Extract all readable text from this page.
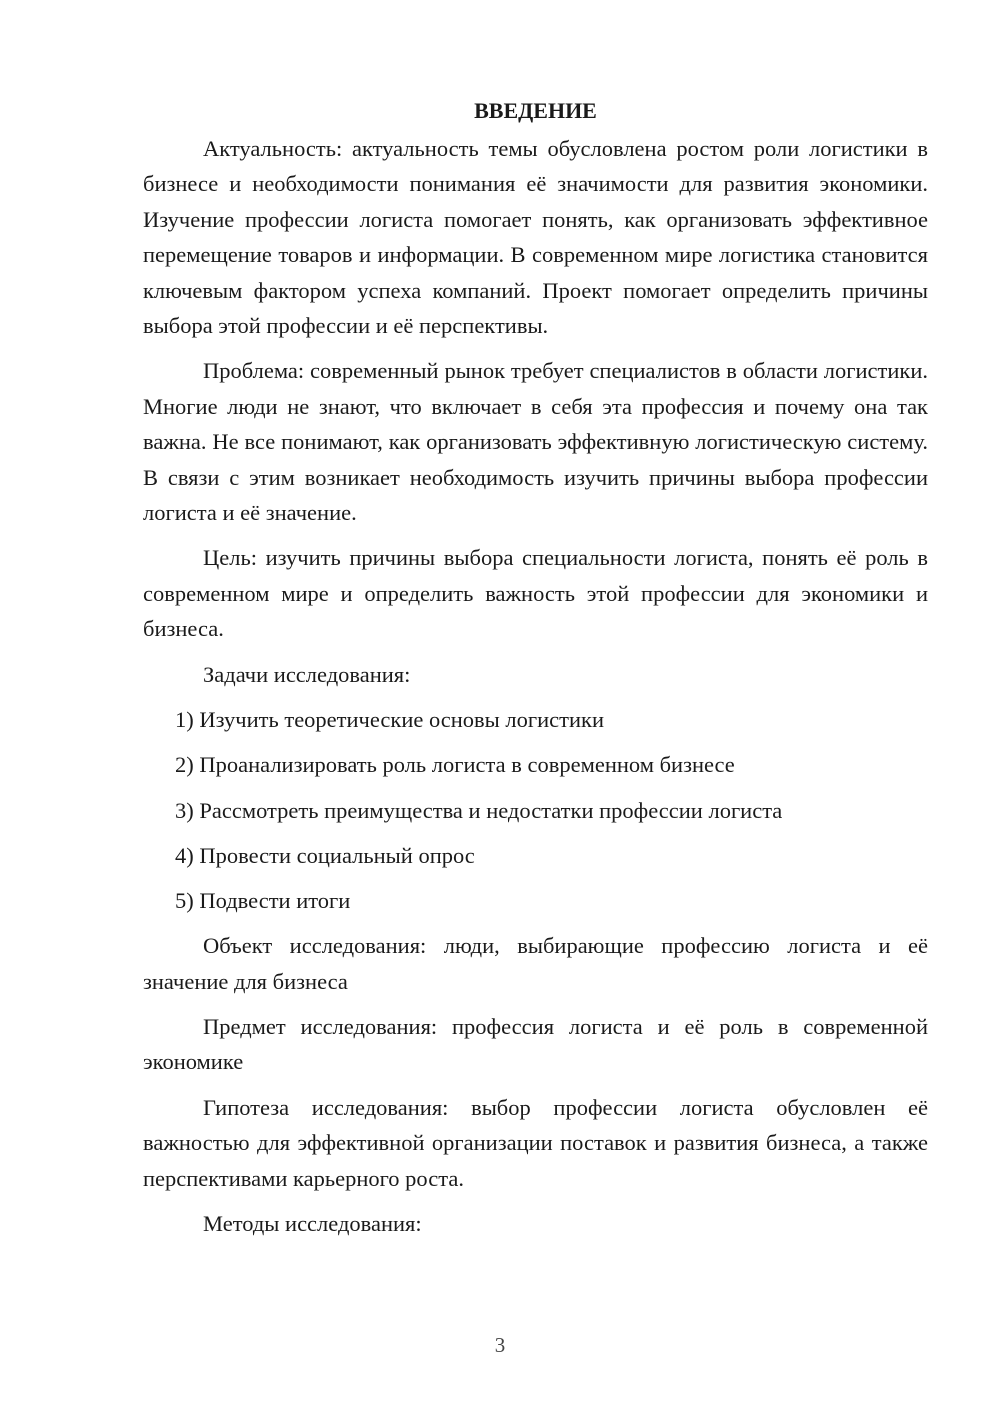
ВВЕДЕНИЕ

Актуальность: актуальность темы обусловлена ростом роли логистики в бизнесе и необходимости понимания её значимости для развития экономики. Изучение профессии логиста помогает понять, как организовать эффективное перемещение товаров и информации. В современном мире логистика становится ключевым фактором успеха компаний. Проект помогает определить причины выбора этой профессии и её перспективы.

Проблема: современный рынок требует специалистов в области логистики. Многие люди не знают, что включает в себя эта профессия и почему она так важна. Не все понимают, как организовать эффективную логистическую систему. В связи с этим возникает необходимость изучить причины выбора профессии логиста и её значение.

Цель: изучить причины выбора специальности логиста, понять её роль в современном мире и определить важность этой профессии для экономики и бизнеса.

Задачи исследования:

1) Изучить теоретические основы логистики

2) Проанализировать роль логиста в современном бизнесе

3) Рассмотреть преимущества и недостатки профессии логиста

4) Провести социальный опрос

5) Подвести итоги

Объект исследования: люди, выбирающие профессию логиста и её значение для бизнеса

Предмет исследования: профессия логиста и её роль в современной экономике

Гипотеза исследования: выбор профессии логиста обусловлен её важностью для эффективной организации поставок и развития бизнеса, а также перспективами карьерного роста.

Методы исследования:

3
